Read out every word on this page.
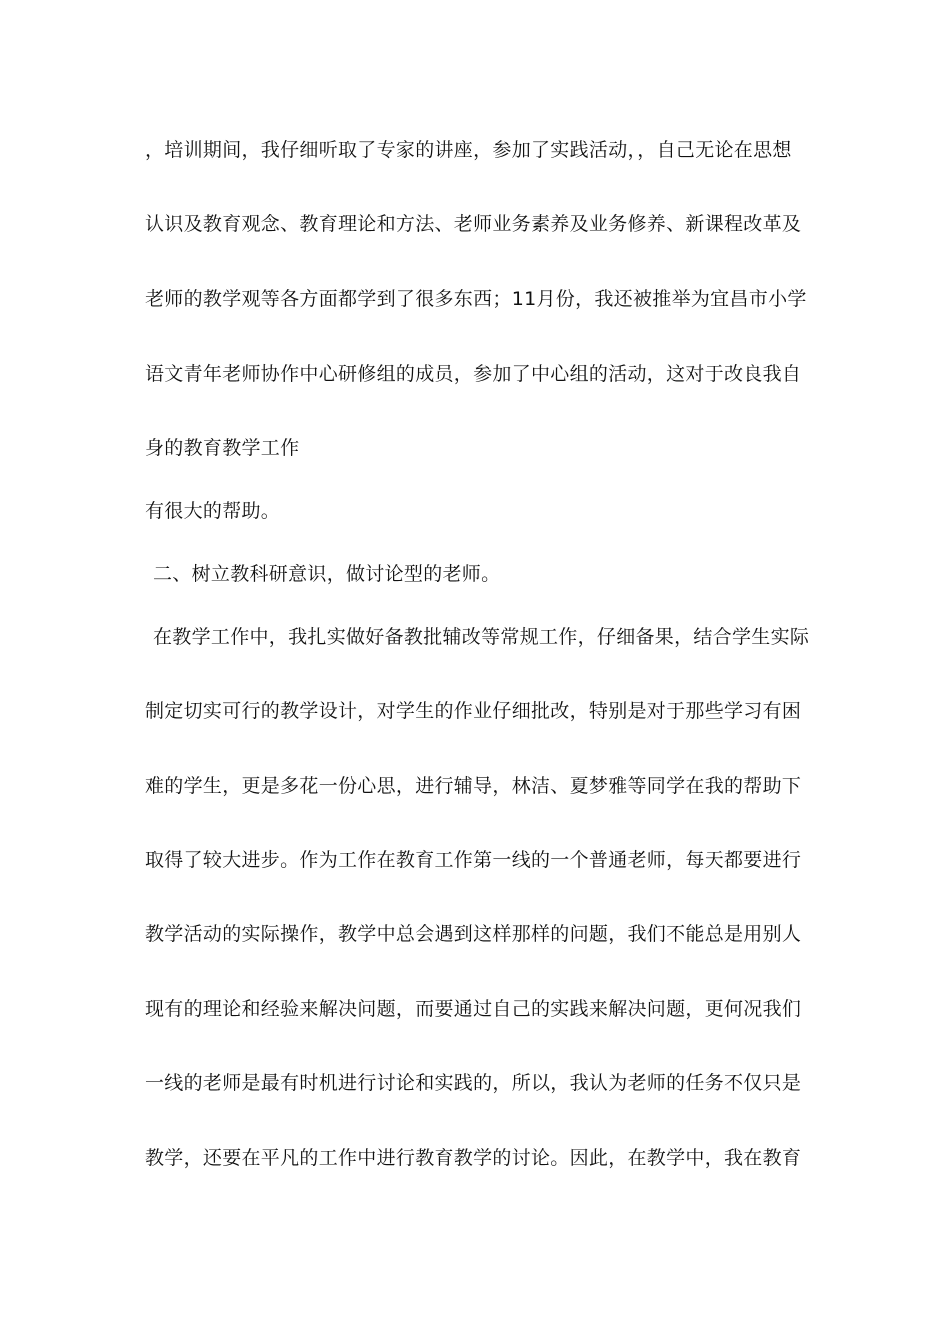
，培训期间，我仔细听取了专家的讲座，参加了实践活动，，自己无论在思想
认识及教育观念、教育理论和方法、老师业务素养及业务修养、新课程改革及
老师的教学观等各方面都学到了很多东西；11月份，我还被推举为宜昌市小学
语文青年老师协作中心研修组的成员，参加了中心组的活动，这对于改良我自
身的教育教学工作
有很大的帮助。
二、树立教科研意识，做讨论型的老师。
在教学工作中，我扎实做好备教批辅改等常规工作，仔细备果，结合学生实际
制定切实可行的教学设计，对学生的作业仔细批改，特别是对于那些学习有困
难的学生，更是多花一份心思，进行辅导，林洁、夏梦雅等同学在我的帮助下
取得了较大进步。作为工作在教育工作第一线的一个普通老师，每天都要进行
教学活动的实际操作，教学中总会遇到这样那样的问题，我们不能总是用别人
现有的理论和经验来解决问题，而要通过自己的实践来解决问题，更何况我们
一线的老师是最有时机进行讨论和实践的，所以，我认为老师的任务不仅只是
教学，还要在平凡的工作中进行教育教学的讨论。因此，在教学中，我在教育
